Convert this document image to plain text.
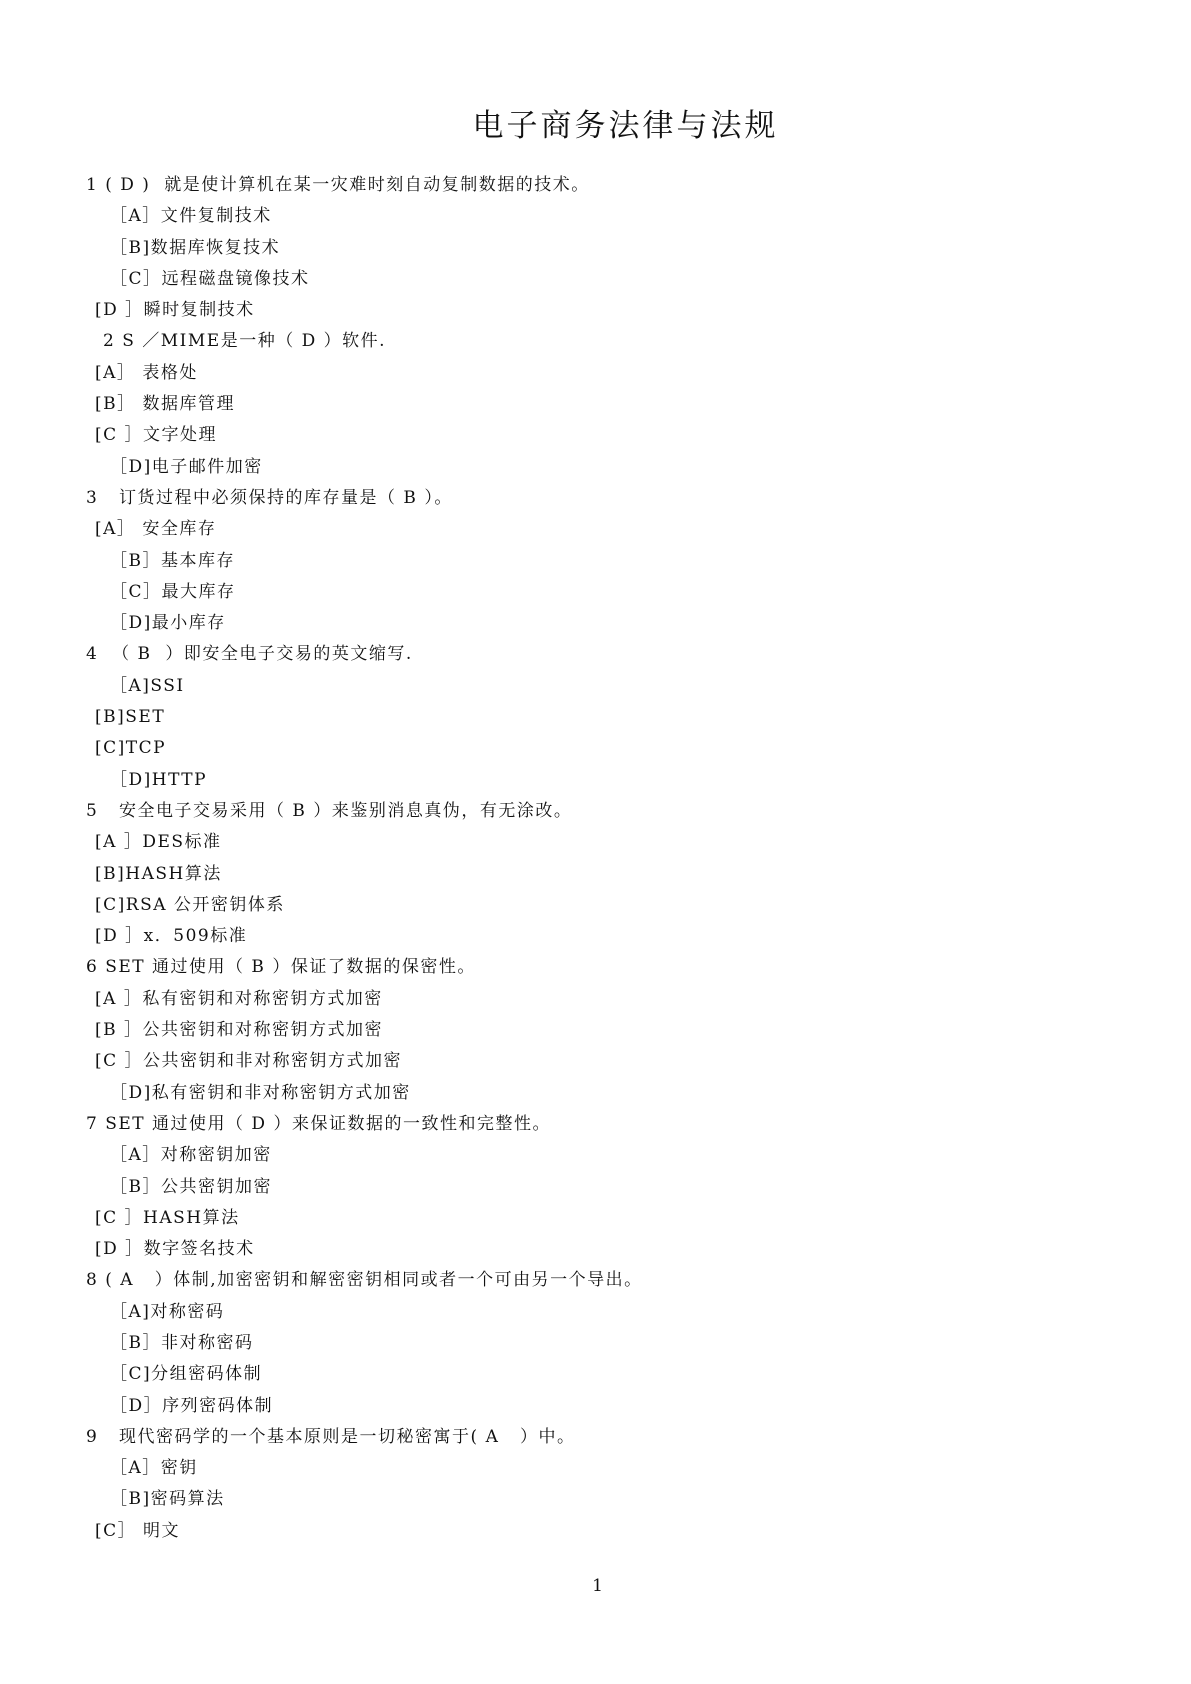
电子商务法律与法规
1 ( D )  就是使计算机在某一灾难时刻自动复制数据的技术。
［A］文件复制技术
［B]数据库恢复技术
［C］远程磁盘镜像技术
[D ］瞬时复制技术
2 S ／MIME是一种（ D ）软件.
[A］ 表格处
[B］ 数据库管理
[C ］文字处理
［D]电子邮件加密
3   订货过程中必须保持的库存量是（ B ）。
[A］ 安全库存
［B］基本库存
［C］最大库存
［D]最小库存
4  （ B  ）即安全电子交易的英文缩写.
［A]SSI
[B]SET
[C]TCP
［D]HTTP
5   安全电子交易采用（ B ）来鉴别消息真伪，有无涂改。
[A ］DES标准
[B]HASH算法
[C]RSA 公开密钥体系
[D ］x．509标准
6 SET 通过使用（ B ）保证了数据的保密性。
[A ］私有密钥和对称密钥方式加密
[B ］公共密钥和对称密钥方式加密
[C ］公共密钥和非对称密钥方式加密
［D]私有密钥和非对称密钥方式加密
7 SET 通过使用（ D ）来保证数据的一致性和完整性。
［A］对称密钥加密
［B］公共密钥加密
[C ］HASH算法
[D ］数字签名技术
8 ( A   ）体制,加密密钥和解密密钥相同或者一个可由另一个导出。
［A]对称密码
［B］非对称密码
［C]分组密码体制
［D］序列密码体制
9   现代密码学的一个基本原则是一切秘密寓于( A   ）中。
［A］密钥
［B]密码算法
[C］ 明文
1
